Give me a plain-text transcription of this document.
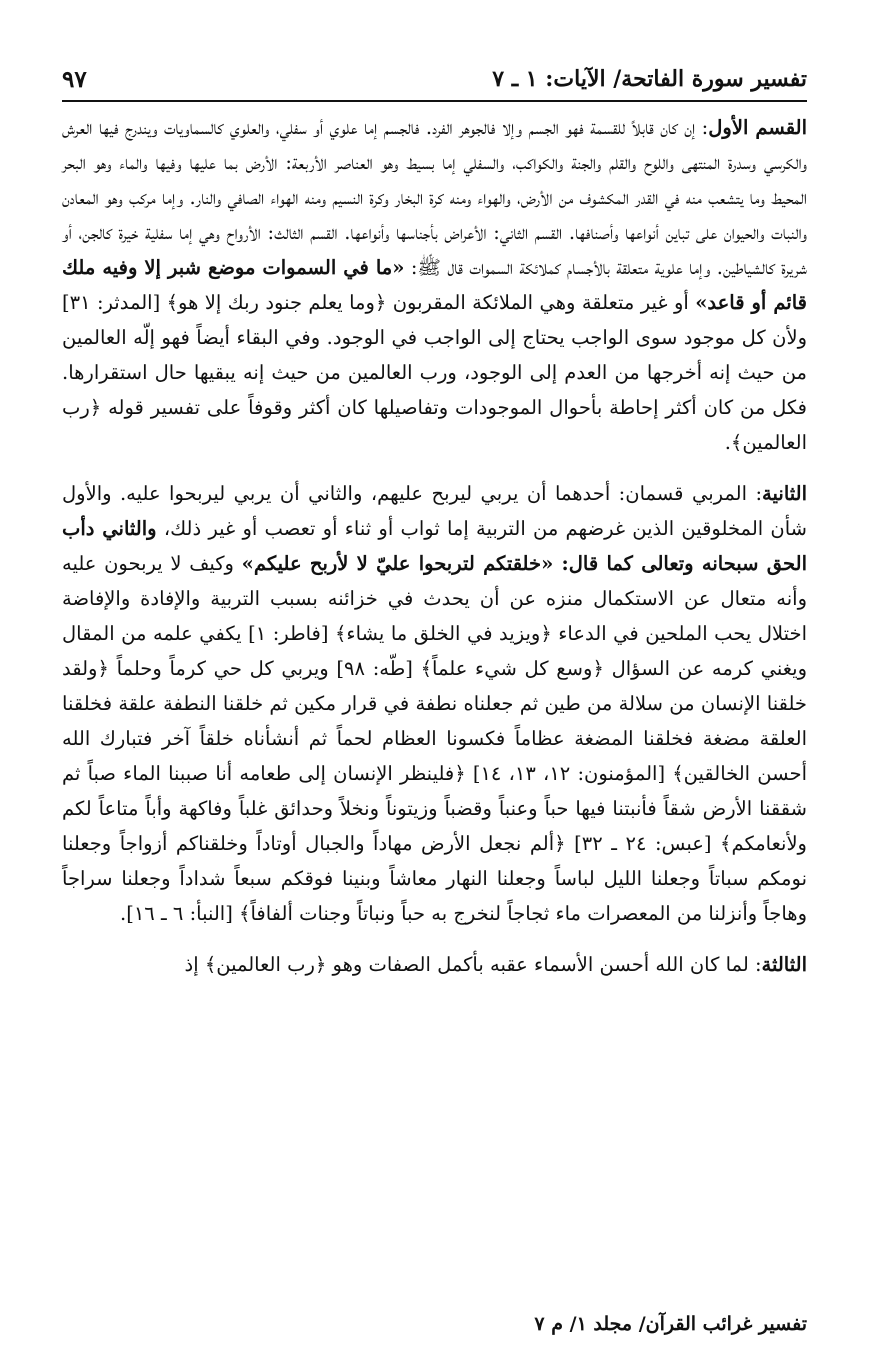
تفسير سورة الفاتحة/ الآيات: ١ ـ ٧
٩٧

القسم الأول: إن كان قابلاً للقسمة فهو الجسم وإلا فالجوهر الفرد. فالجسم إما علوي أو سفلي، والعلوي كالسماويات ويندرج فيها العرش والكرسي وسدرة المنتهى واللوح والقلم والجنة والكواكب، والسفلي إما بسيط وهو العناصر الأربعة: الأرض بما عليها وفيها والماء وهو البحر المحيط وما يتشعب منه في القدر المكشوف من الأرض، والهواء ومنه كرة البخار وكرة النسيم ومنه الهواء الصافي والنار. وإما مركب وهو المعادن والنبات والحيوان على تباين أنواعها وأصنافها. القسم الثاني: الأعراض بأجناسها وأنواعها. القسم الثالث: الأرواح وهي إما سفلية خيرة كالجن، أو شريرة كالشياطين. وإما علوية متعلقة بالأجسام كملائكة السموات قال ﷺ: «ما في السموات موضع شبر إلا وفيه ملك قائم أو قاعد» أو غير متعلقة وهي الملائكة المقربون ﴿وما يعلم جنود ربك إلا هو﴾ [المدثر: ٣١] ولأن كل موجود سوى الواجب يحتاج إلى الواجب في الوجود. وفي البقاء أيضاً فهو إلّه العالمين من حيث إنه أخرجها من العدم إلى الوجود، ورب العالمين من حيث إنه يبقيها حال استقرارها. فكل من كان أكثر إحاطة بأحوال الموجودات وتفاصيلها كان أكثر وقوفاً على تفسير قوله ﴿رب العالمين﴾.

الثانية: المربي قسمان: أحدهما أن يربي ليربح عليهم، والثاني أن يربي ليربحوا عليه. والأول شأن المخلوقين الذين غرضهم من التربية إما ثواب أو ثناء أو تعصب أو غير ذلك، والثاني دأب الحق سبحانه وتعالى كما قال: «خلقتكم لتربحوا عليّ لا لأربح عليكم» وكيف لا يربحون عليه وأنه متعال عن الاستكمال منزه عن أن يحدث في خزائنه بسبب التربية والإفادة والإفاضة اختلال يحب الملحين في الدعاء ﴿ويزيد في الخلق ما يشاء﴾ [فاطر: ١] يكفي علمه من المقال ويغني كرمه عن السؤال ﴿وسع كل شيء علماً﴾ [طّه: ٩٨] ويربي كل حي كرماً وحلماً ﴿ولقد خلقنا الإنسان من سلالة من طين ثم جعلناه نطفة في قرار مكين ثم خلقنا النطفة علقة فخلقنا العلقة مضغة فخلقنا المضغة عظاماً فكسونا العظام لحماً ثم أنشأناه خلقاً آخر فتبارك الله أحسن الخالقين﴾ [المؤمنون: ١٢، ١٣، ١٤] ﴿فلينظر الإنسان إلى طعامه أنا صببنا الماء صباً ثم شققنا الأرض شقاً فأنبتنا فيها حباً وعنباً وقضباً وزيتوناً ونخلاً وحدائق غلباً وفاكهة وأباً متاعاً لكم ولأنعامكم﴾ [عبس: ٢٤ ـ ٣٢] ﴿ألم نجعل الأرض مهاداً والجبال أوتاداً وخلقناكم أزواجاً وجعلنا نومكم سباتاً وجعلنا الليل لباساً وجعلنا النهار معاشاً وبنينا فوقكم سبعاً شداداً وجعلنا سراجاً وهاجاً وأنزلنا من المعصرات ماء ثجاجاً لنخرج به حباً ونباتاً وجنات ألفافاً﴾ [النبأ: ٦ ـ ١٦].

الثالثة: لما كان الله أحسن الأسماء عقبه بأكمل الصفات وهو ﴿رب العالمين﴾ إذ

تفسير غرائب القرآن/ مجلد ١/ م ٧
